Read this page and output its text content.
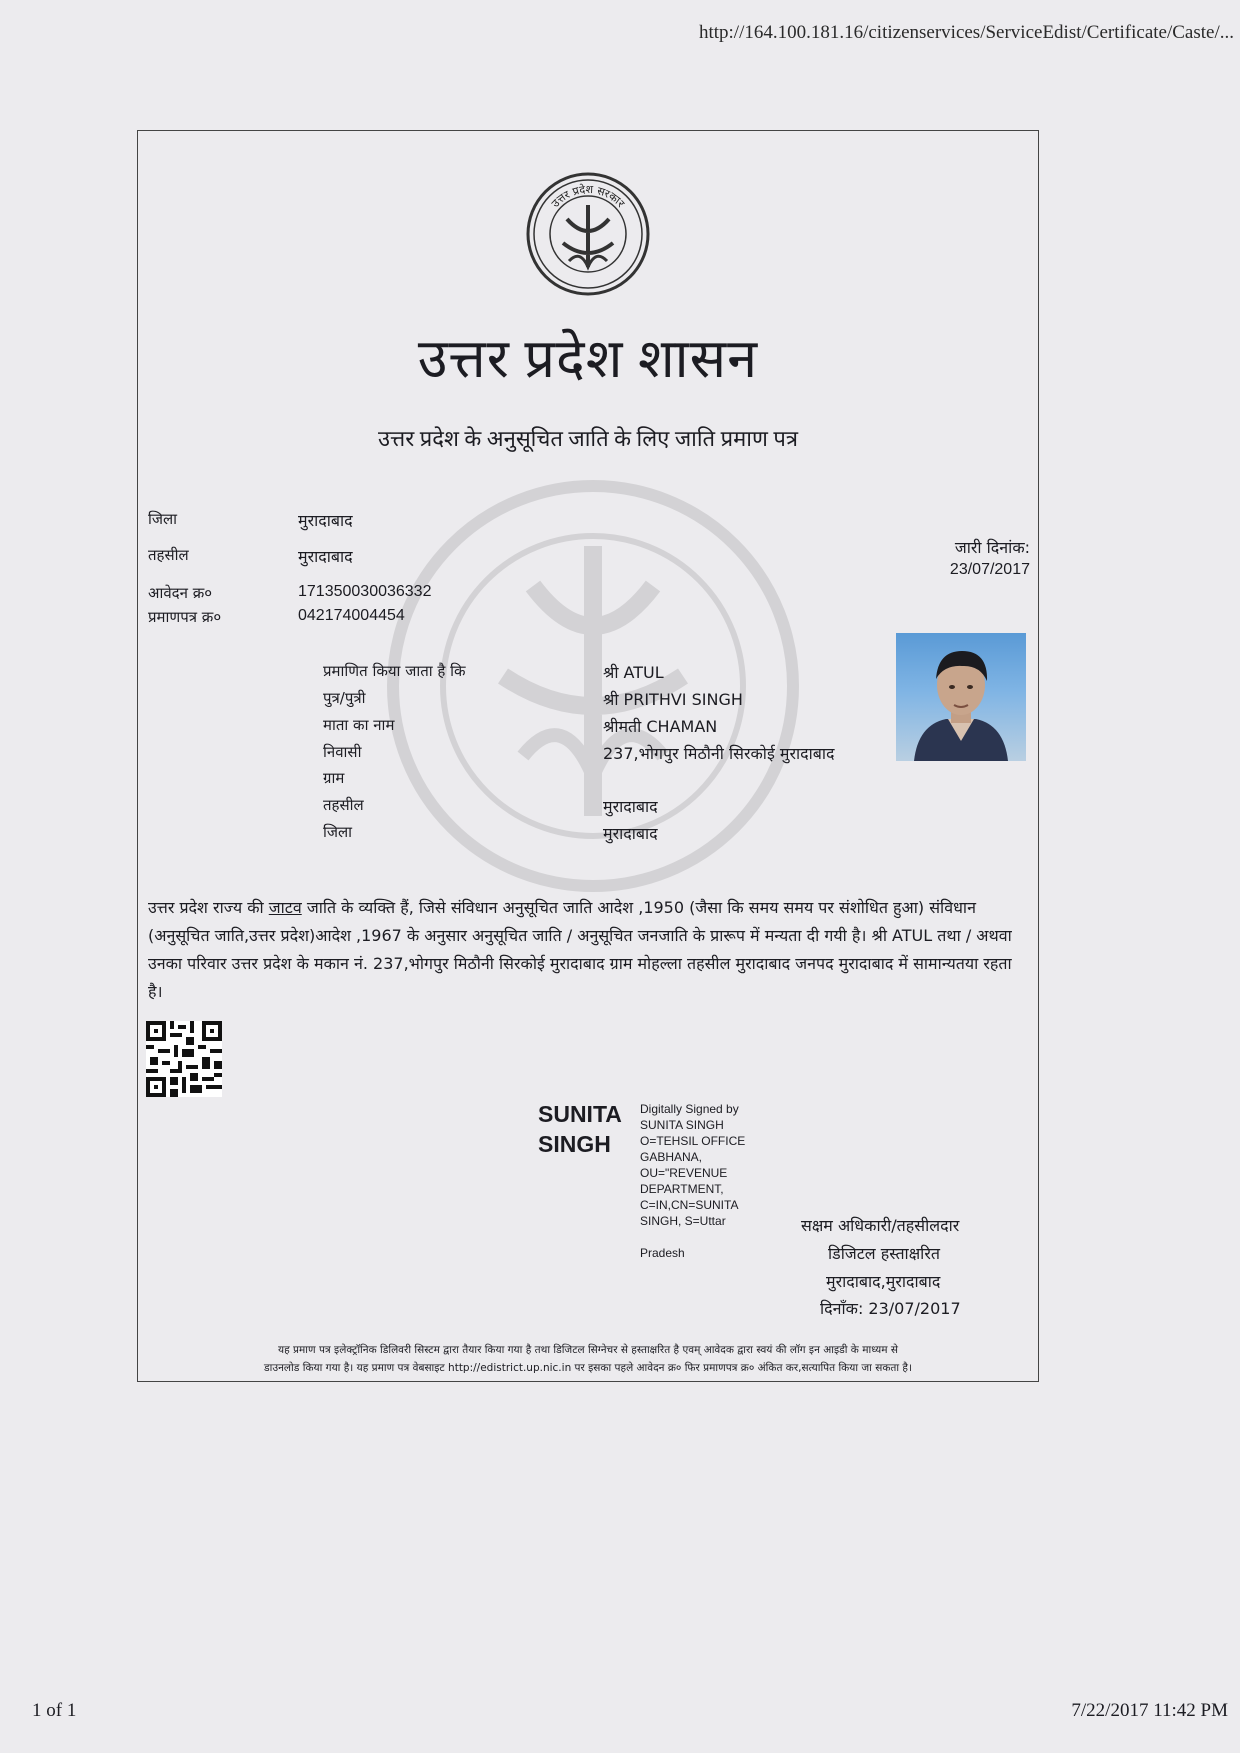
http://164.100.181.16/citizenservices/ServiceEdist/Certificate/Caste/...
उत्तर प्रदेश सरकार
उत्तर प्रदेश शासन
उत्तर प्रदेश के अनुसूचित जाति के लिए जाति प्रमाण पत्र
जिला	मुरादाबाद
तहसील	मुरादाबाद
आवेदन क्र०	171350030036332
प्रमाणपत्र क्र०	042174004454
जारी दिनांक:
23/07/2017
प्रमाणित किया जाता है कि	श्री ATUL
पुत्र/पुत्री	श्री PRITHVI SINGH
माता का नाम	श्रीमती CHAMAN
निवासी	237,भोगपुर मिठौनी सिरकोई मुरादाबाद
ग्राम
तहसील	मुरादाबाद
जिला	मुरादाबाद
उत्तर प्रदेश राज्य की जाटव जाति के व्यक्ति हैं, जिसे संविधान अनुसूचित जाति आदेश ,1950 (जैसा कि समय समय पर संशोधित हुआ) संविधान (अनुसूचित जाति,उत्तर प्रदेश)आदेश ,1967 के अनुसार अनुसूचित जाति / अनुसूचित जनजाति के प्रारूप में मन्यता दी गयी है। श्री ATUL तथा / अथवा उनका परिवार उत्तर प्रदेश के मकान नं. 237,भोगपुर मिठौनी सिरकोई मुरादाबाद ग्राम मोहल्ला तहसील मुरादाबाद जनपद मुरादाबाद में सामान्यतया रहता है।
SUNITA
SINGH
Digitally Signed by
SUNITA SINGH
O=TEHSIL OFFICE
GABHANA,
OU="REVENUE
DEPARTMENT,
C=IN,CN=SUNITA
SINGH, S=Uttar
Pradesh
सक्षम अधिकारी/तहसीलदार
डिजिटल हस्ताक्षरित
मुरादाबाद,मुरादाबाद
दिनाँक: 23/07/2017
यह प्रमाण पत्र इलेक्ट्रॉनिक डिलिवरी सिस्टम द्वारा तैयार किया गया है तथा डिजिटल सिग्नेचर से हस्ताक्षरित है एवम् आवेदक द्वारा स्वयं की लॉग इन आइडी के माध्यम से
डाउनलोड किया गया है। यह प्रमाण पत्र वेबसाइट http://edistrict.up.nic.in पर इसका पहले आवेदन क्र० फिर प्रमाणपत्र क्र० अंकित कर,सत्यापित किया जा सकता है।
1 of 1	7/22/2017 11:42 PM
